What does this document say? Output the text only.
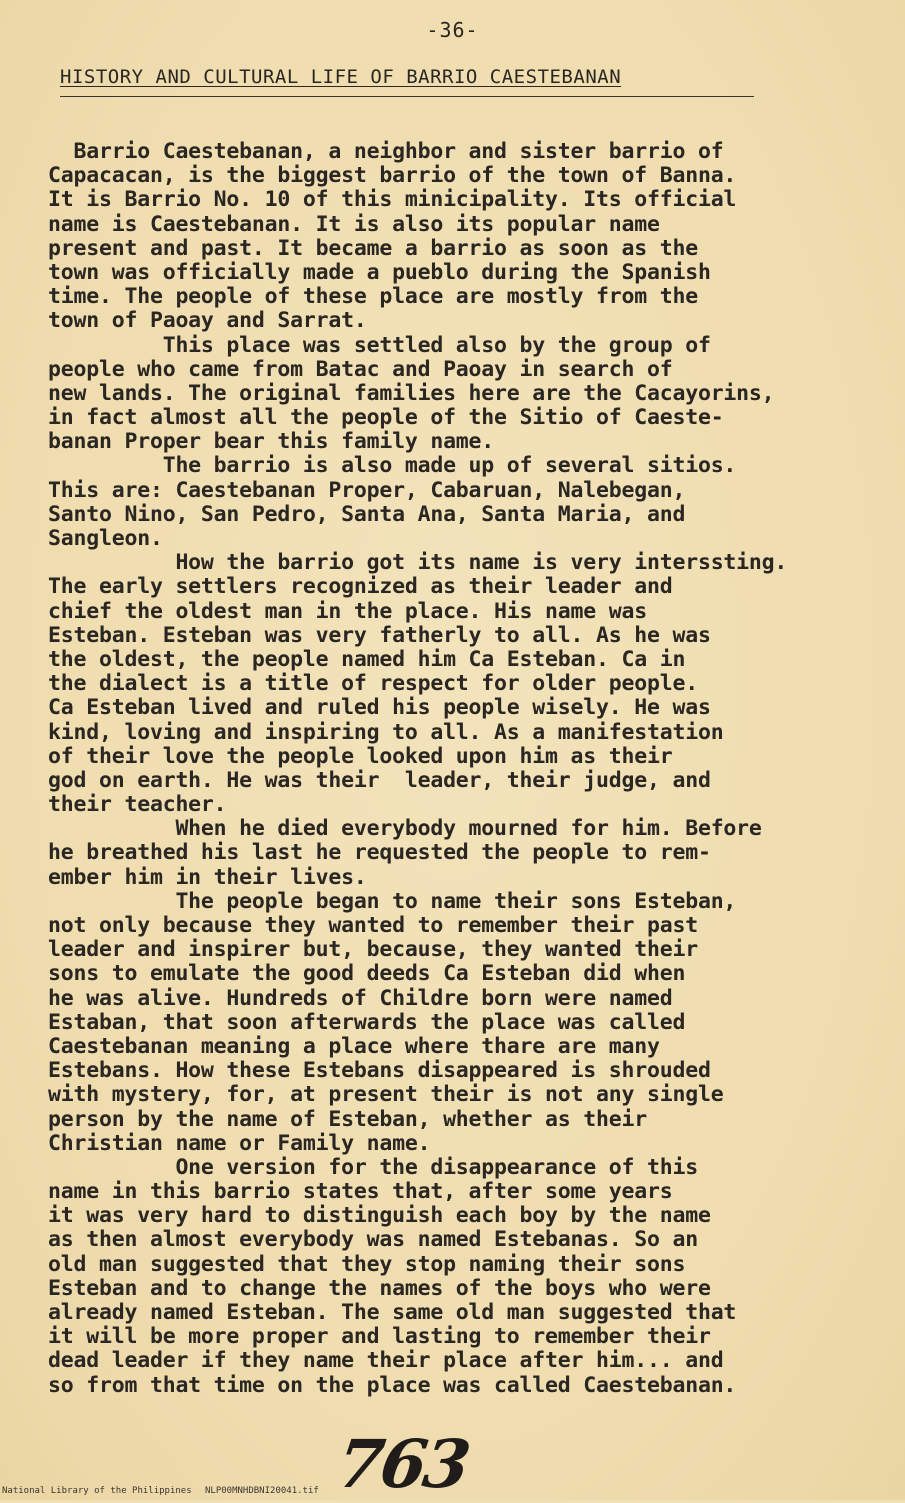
-36-
HISTORY AND CULTURAL LIFE OF BARRIO CAESTEBANAN
Barrio Caestebanan, a neighbor and sister barrio of
Capacacan, is the biggest barrio of the town of Banna.
It is Barrio No. 10 of this minicipality. Its official
name is Caestebanan. It is also its popular name
present and past. It became a barrio as soon as the
town was officially made a pueblo during the Spanish
time. The people of these place are mostly from the
town of Paoay and Sarrat.
This place was settled also by the group of
people who came from Batac and Paoay in search of
new lands. The original families here are the Cacayorins,
in fact almost all the people of the Sitio of Caeste-
banan Proper bear this family name.
The barrio is also made up of several sitios.
This are: Caestebanan Proper, Cabaruan, Nalebegan,
Santo Nino, San Pedro, Santa Ana, Santa Maria, and
Sangleon.
How the barrio got its name is very interssting.
The early settlers recognized as their leader and
chief the oldest man in the place. His name was
Esteban. Esteban was very fatherly to all. As he was
the oldest, the people named him Ca Esteban. Ca in
the dialect is a title of respect for older people.
Ca Esteban lived and ruled his people wisely. He was
kind, loving and inspiring to all. As a manifestation
of their love the people looked upon him as their
god on earth. He was their  leader, their judge, and
their teacher.
When he died everybody mourned for him. Before
he breathed his last he requested the people to rem-
ember him in their lives.
The people began to name their sons Esteban,
not only because they wanted to remember their past
leader and inspirer but, because, they wanted their
sons to emulate the good deeds Ca Esteban did when
he was alive. Hundreds of Childre born were named
Estaban, that soon afterwards the place was called
Caestebanan meaning a place where thare are many
Estebans. How these Estebans disappeared is shrouded
with mystery, for, at present their is not any single
person by the name of Esteban, whether as their
Christian name or Family name.
One version for the disappearance of this
name in this barrio states that, after some years
it was very hard to distinguish each boy by the name
as then almost everybody was named Estebanas. So an
old man suggested that they stop naming their sons
Esteban and to change the names of the boys who were
already named Esteban. The same old man suggested that
it will be more proper and lasting to remember their
dead leader if they name their place after him... and
so from that time on the place was called Caestebanan.
763
National Library of the Philippines NLP00MNHDBNI20041.tif
